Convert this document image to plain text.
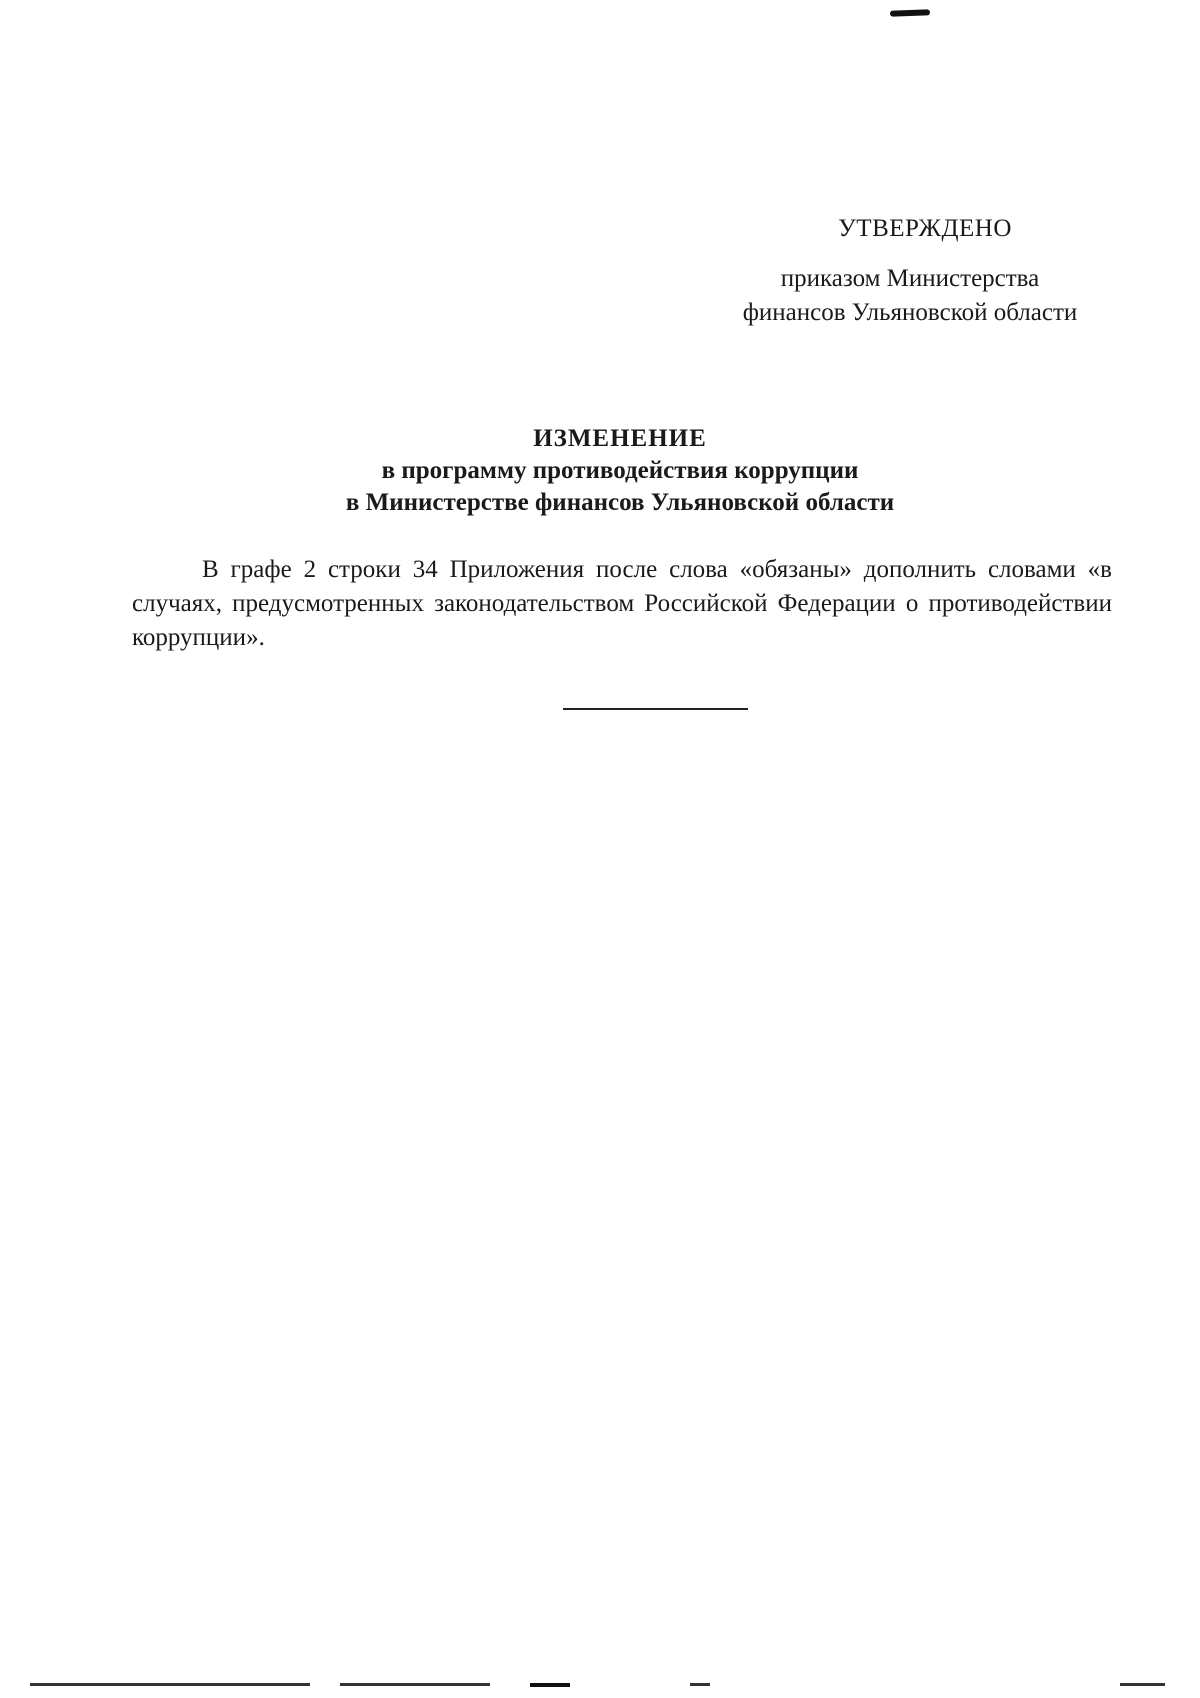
УТВЕРЖДЕНО
приказом Министерства
финансов Ульяновской области
ИЗМЕНЕНИЕ
в программу противодействия коррупции
в Министерстве финансов Ульяновской области
В графе 2 строки 34 Приложения после слова «обязаны» дополнить словами «в случаях, предусмотренных законодательством Российской Федерации о противодействии коррупции».
